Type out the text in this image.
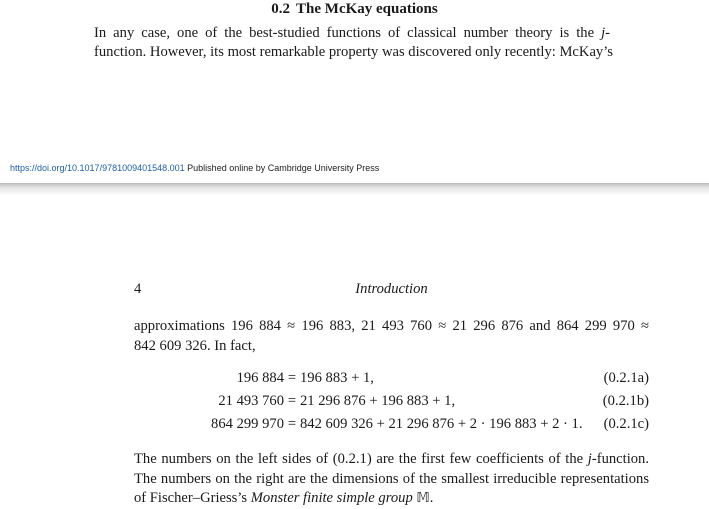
0.2 The McKay equations
In any case, one of the best-studied functions of classical number theory is the j-
function. However, its most remarkable property was discovered only recently: McKay’s
https://doi.org/10.1017/9781009401548.001 Published online by Cambridge University Press
4	Introduction
approximations 196 884 ≈ 196 883, 21 493 760 ≈ 21 296 876 and 864 299 970 ≈
842 609 326. In fact,
196 884 = 196 883 + 1,	(0.2.1a)
21 493 760 = 21 296 876 + 196 883 + 1,	(0.2.1b)
864 299 970 = 842 609 326 + 21 296 876 + 2 · 196 883 + 2 · 1. (0.2.1c)
The numbers on the left sides of (0.2.1) are the first few coefficients of the j-function.
The numbers on the right are the dimensions of the smallest irreducible representations
of Fischer–Griess’s Monster finite simple group 𝕄.
